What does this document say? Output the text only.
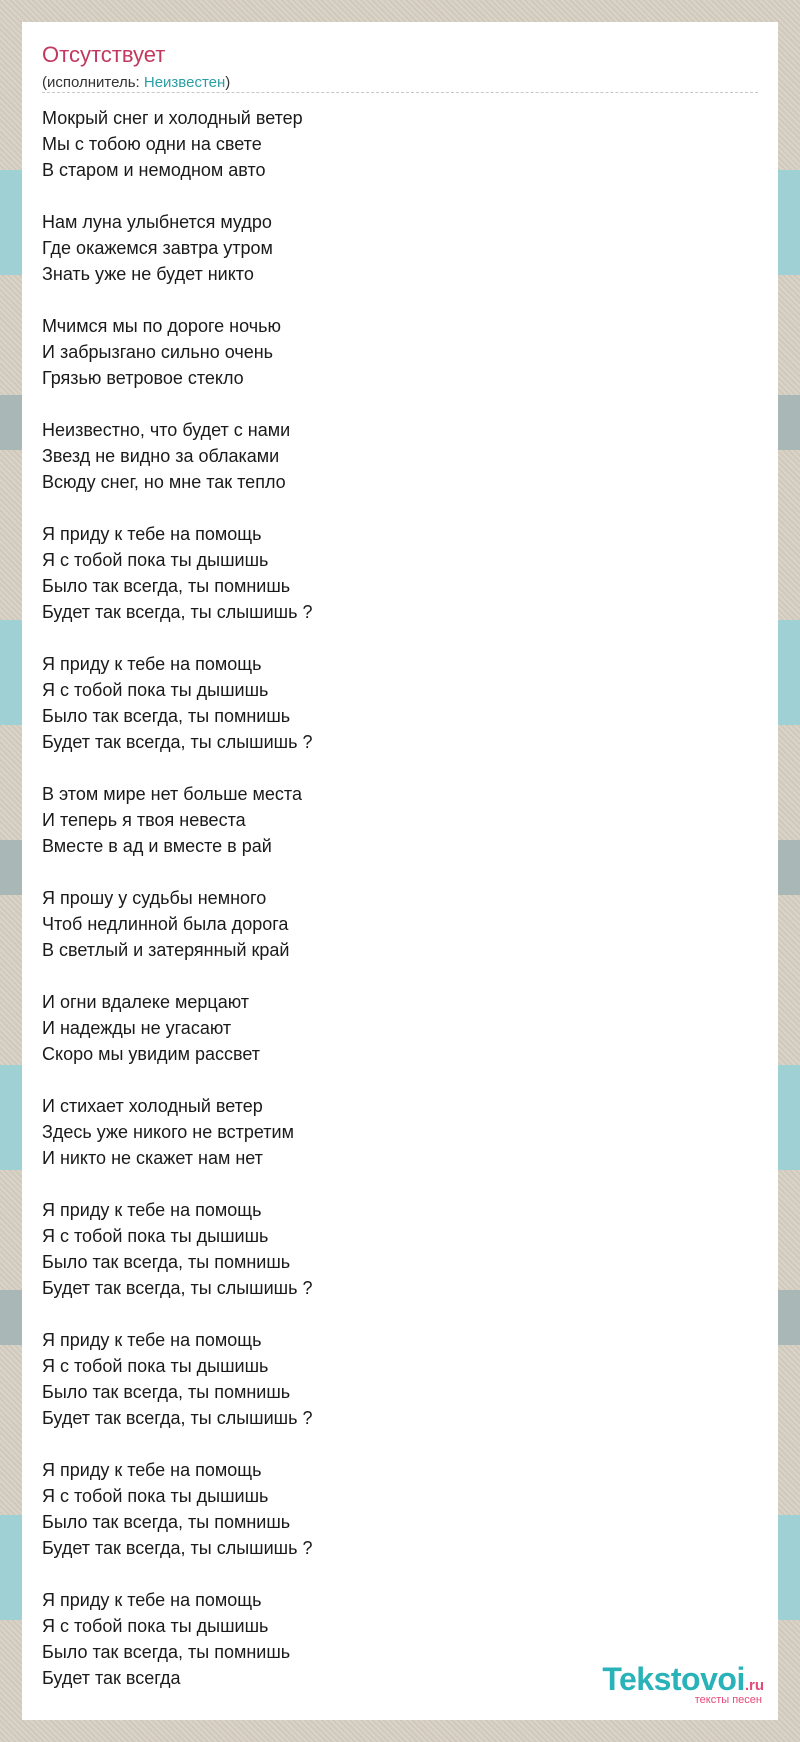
Отсутствует
(исполнитель: Неизвестен)
Мокрый снег и холодный ветер
Мы с тобою одни на свете
В старом и немодном авто
Нам луна улыбнется мудро
Где окажемся завтра утром
Знать уже не будет никто
Мчимся мы по дороге ночью
И забрызгано сильно очень
Грязью ветровое стекло
Неизвестно, что будет с нами
Звезд не видно за облаками
Всюду снег, но мне так тепло
Я приду к тебе на помощь
Я с тобой пока ты дышишь
Было так всегда, ты помнишь
Будет так всегда, ты слышишь ?
Я приду к тебе на помощь
Я с тобой пока ты дышишь
Было так всегда, ты помнишь
Будет так всегда, ты слышишь ?
В этом мире нет больше места
И теперь я твоя невеста
Вместе в ад и вместе в рай
Я прошу у судьбы немного
Чтоб недлинной была дорога
В светлый и затерянный край
И огни вдалеке мерцают
И надежды не угасают
Скоро мы увидим рассвет
И стихает холодный ветер
Здесь уже никого не встретим
И никто не скажет нам нет
Я приду к тебе на помощь
Я с тобой пока ты дышишь
Было так всегда, ты помнишь
Будет так всегда, ты слышишь ?
Я приду к тебе на помощь
Я с тобой пока ты дышишь
Было так всегда, ты помнишь
Будет так всегда, ты слышишь ?
Я приду к тебе на помощь
Я с тобой пока ты дышишь
Было так всегда, ты помнишь
Будет так всегда, ты слышишь ?
Я приду к тебе на помощь
Я с тобой пока ты дышишь
Было так всегда, ты помнишь
Будет так всегда	Tekstovoi.ru
тексты песен
